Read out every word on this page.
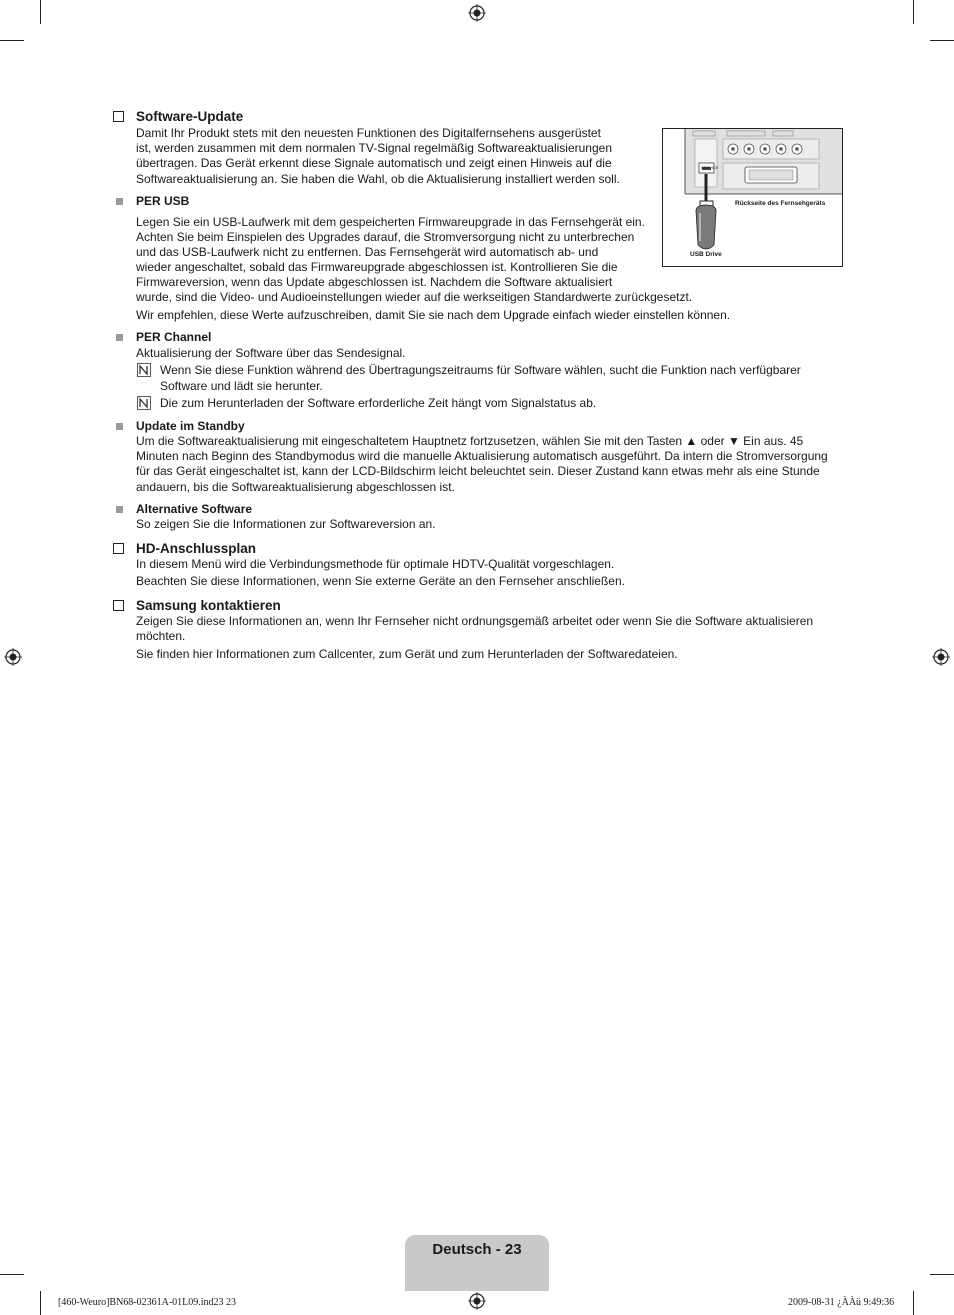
Software-Update
Damit Ihr Produkt stets mit den neuesten Funktionen des Digitalfernsehens ausgerüstet
ist, werden zusammen mit dem normalen TV-Signal regelmäßig Softwareaktualisierungen
übertragen. Das Gerät erkennt diese Signale automatisch und zeigt einen Hinweis auf die
Softwareaktualisierung an. Sie haben die Wahl, ob die Aktualisierung installiert werden soll.
SERVICE
Rückseite des Fernsehgeräts
USB Drive
PER USB
Legen Sie ein USB-Laufwerk mit dem gespeicherten Firmwareupgrade in das Fernsehgerät ein.
Achten Sie beim Einspielen des Upgrades darauf, die Stromversorgung nicht zu unterbrechen
und das USB-Laufwerk nicht zu entfernen. Das Fernsehgerät wird automatisch ab- und
wieder angeschaltet, sobald das Firmwareupgrade abgeschlossen ist. Kontrollieren Sie die
Firmwareversion, wenn das Update abgeschlossen ist. Nachdem die Software aktualisiert
wurde, sind die Video- und Audioeinstellungen wieder auf die werkseitigen Standardwerte zurückgesetzt.
Wir empfehlen, diese Werte aufzuschreiben, damit Sie sie nach dem Upgrade einfach wieder einstellen können.
PER Channel
Aktualisierung der Software über das Sendesignal.
Wenn Sie diese Funktion während des Übertragungszeitraums für Software wählen, sucht die Funktion nach verfügbarer
Software und lädt sie herunter.
Die zum Herunterladen der Software erforderliche Zeit hängt vom Signalstatus ab.
Update im Standby
Um die Softwareaktualisierung mit eingeschaltetem Hauptnetz fortzusetzen, wählen Sie mit den Tasten ▲ oder ▼ Ein aus. 45
Minuten nach Beginn des Standbymodus wird die manuelle Aktualisierung automatisch ausgeführt. Da intern die Stromversorgung
für das Gerät eingeschaltet ist, kann der LCD-Bildschirm leicht beleuchtet sein. Dieser Zustand kann etwas mehr als eine Stunde
andauern, bis die Softwareaktualisierung abgeschlossen ist.
Alternative Software
So zeigen Sie die Informationen zur Softwareversion an.
HD-Anschlussplan
In diesem Menü wird die Verbindungsmethode für optimale HDTV-Qualität vorgeschlagen.
Beachten Sie diese Informationen, wenn Sie externe Geräte an den Fernseher anschließen.
Samsung kontaktieren
Zeigen Sie diese Informationen an, wenn Ihr Fernseher nicht ordnungsgemäß arbeitet oder wenn Sie die Software aktualisieren
möchten.
Sie finden hier Informationen zum Callcenter, zum Gerät und zum Herunterladen der Softwaredateien.
Deutsch - 23
[460-Weuro]BN68-02361A-01L09.ind23 23	2009-08-31 ¿ÀÀü 9:49:36
